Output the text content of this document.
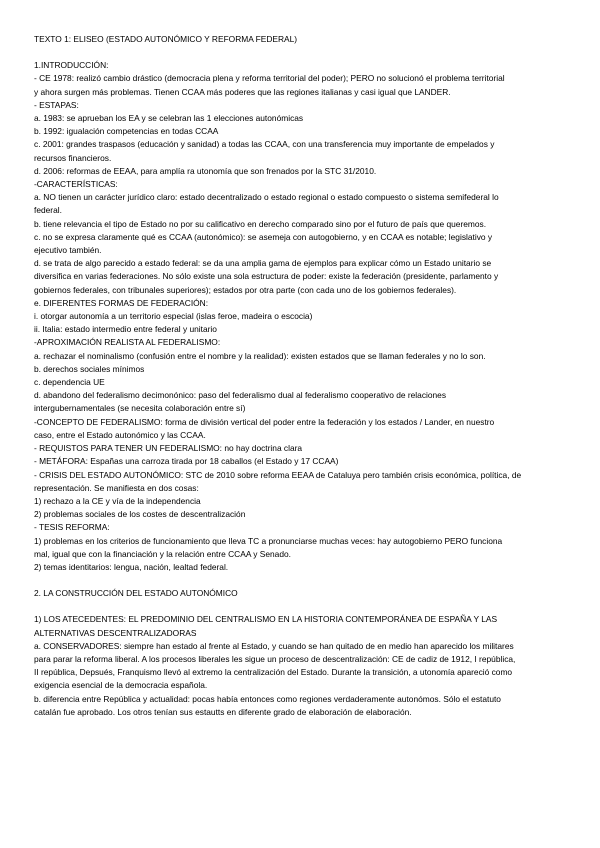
TEXTO 1: ELISEO (ESTADO AUTONÓMICO Y REFORMA FEDERAL)
1.INTRODUCCIÓN:
- CE 1978: realizó cambio drástico (democracia plena y reforma territorial del poder); PERO no solucionó el problema territorial
y ahora surgen más problemas. Tienen CCAA más poderes que las regiones italianas y casi igual que LANDER.
- ESTAPAS:
a. 1983: se aprueban los EA y se celebran las 1 elecciones autonómicas
b. 1992: igualación competencias en todas CCAA
c. 2001: grandes traspasos (educación y sanidad) a todas las CCAA, con una transferencia muy importante de empelados y
recursos financieros.
d. 2006: reformas de EEAA, para amplía ra utonomía que son frenados por la STC 31/2010.
-CARACTERÍSTICAS:
a. NO tienen un carácter jurídico claro: estado decentralizado o estado regional o estado compuesto o sistema semifederal lo
federal.
b. tiene relevancia el tipo de Estado no por su calificativo en derecho comparado sino por el futuro de país que queremos.
c. no se expresa claramente qué es CCAA (autonómico): se asemeja con autogobierno, y en CCAA es notable; legislativo y
ejecutivo también.
d. se trata de algo parecido a estado federal: se da una amplia gama de ejemplos para explicar cómo un Estado unitario se
diversifica en varias federaciones. No sólo existe una sola estructura de poder: existe la federación (presidente, parlamento y
gobiernos federales, con tribunales superiores); estados por otra parte (con cada uno de los gobiernos federales).
e. DIFERENTES FORMAS DE FEDERACIÓN:
i. otorgar autonomía a un territorio especial (islas feroe, madeira o escocia)
ii. Italia: estado intermedio entre federal y unitario
-APROXIMACIÓN REALISTA AL FEDERALISMO:
a. rechazar el nominalismo (confusión entre el nombre y la realidad): existen estados que se llaman federales y no lo son.
b. derechos sociales mínimos
c. dependencia UE
d. abandono del federalismo decimonónico: paso del federalismo dual al federalismo cooperativo de relaciones
intergubernamentales (se necesita colaboración entre sí)
-CONCEPTO DE FEDERALISMO: forma de división vertical del poder entre la federación y los estados / Lander, en nuestro
caso, entre el Estado autonómico y las CCAA.
- REQUISTOS PARA TENER UN FEDERALISMO: no hay doctrina clara
- METÁFORA: Españas una carroza tirada por 18 caballos (el Estado y 17 CCAA)
- CRISIS DEL ESTADO AUTONÓMICO: STC de 2010 sobre reforma EEAA de Cataluya pero también crisis económica, política, de
representación. Se manifiesta en dos cosas:
1) rechazo a la CE y vía de la independencia
2) problemas sociales de los costes de descentralización
- TESIS REFORMA:
1) problemas en los criterios de funcionamiento que lleva TC a pronunciarse muchas veces: hay autogobierno PERO funciona
mal, igual que con la financiación y la relación entre CCAA y Senado.
2) temas identitarios: lengua, nación, lealtad federal.
2. LA CONSTRUCCIÓN DEL ESTADO AUTONÓMICO
1) LOS ATECEDENTES: EL PREDOMINIO DEL CENTRALISMO EN LA HISTORIA CONTEMPORÁNEA DE ESPAÑA Y LAS
ALTERNATIVAS DESCENTRALIZADORAS
a. CONSERVADORES: siempre han estado al frente al Estado, y cuando se han quitado de en medio han aparecido los militares
para parar la reforma liberal. A los procesos liberales les sigue un proceso de descentralización: CE de cadiz de 1912, I república,
II república, Depsués, Franquismo llevó al extremo la centralización del Estado. Durante la transición, a utonomía apareció como
exigencia esencial de la democracia española.
b. diferencia entre República y actualidad: pocas había entonces como regiones verdaderamente autonómos. Sólo el estatuto
catalán fue aprobado. Los otros tenían sus estautts en diferente grado de elaboración de elaboración.
